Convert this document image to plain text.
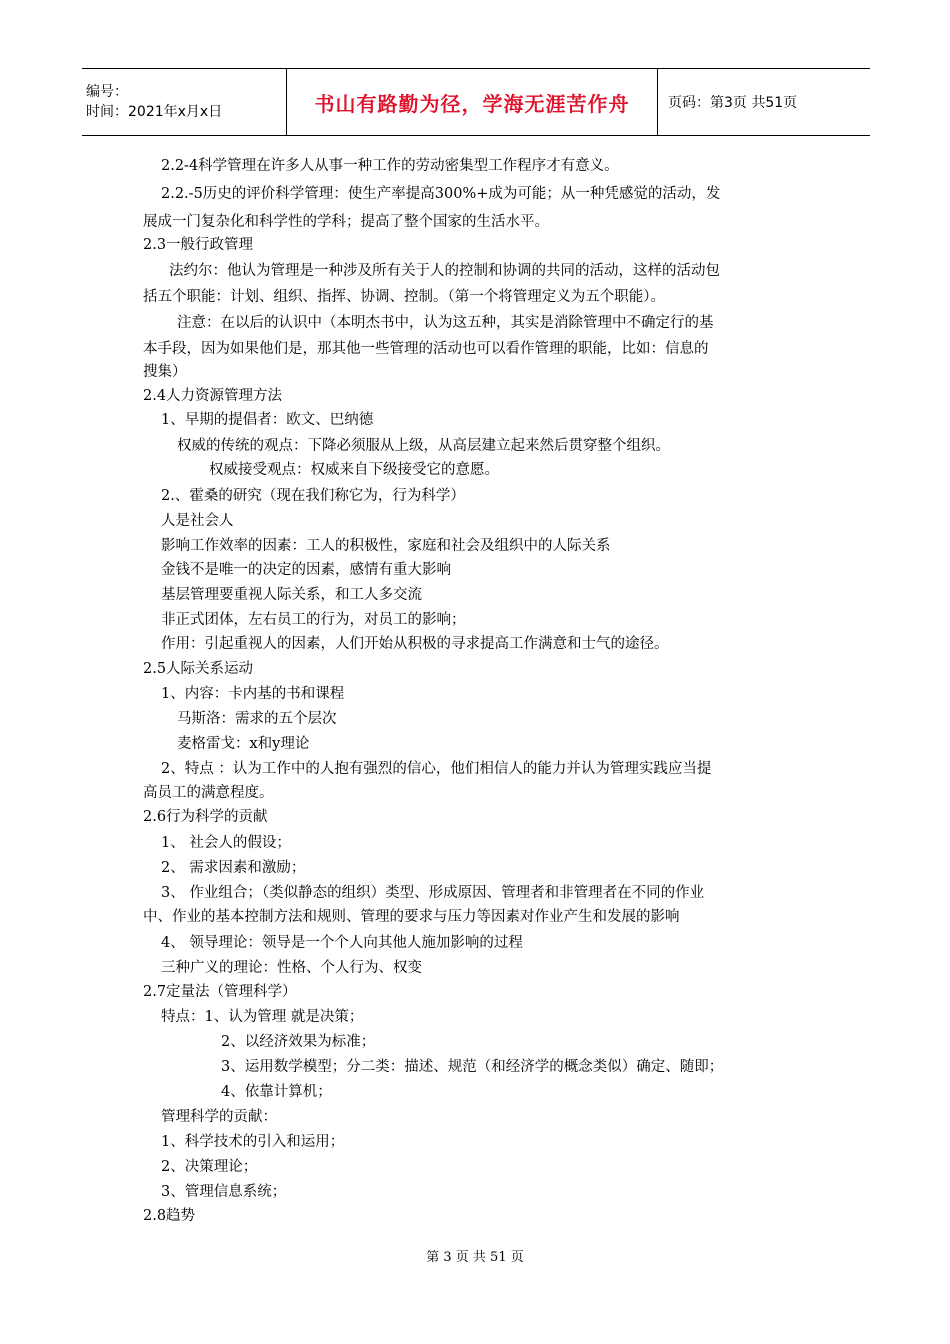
编号：
时间：2021年x月x日	书山有路勤为径，学海无涯苦作舟	页码：第3页 共51页
2.2-4科学管理在许多人从事一种工作的劳动密集型工作程序才有意义。
2.2.-5历史的评价科学管理：使生产率提高300%+成为可能；从一种凭感觉的活动，发
展成一门复杂化和科学性的学科；提高了整个国家的生活水平。
2.3一般行政管理
法约尔：他认为管理是一种涉及所有关于人的控制和协调的共同的活动，这样的活动包
括五个职能：计划、组织、指挥、协调、控制。（第一个将管理定义为五个职能）。
注意：在以后的认识中（本明杰书中，认为这五种，其实是消除管理中不确定行的基
本手段，因为如果他们是，那其他一些管理的活动也可以看作管理的职能，比如：信息的
搜集）
2.4人力资源管理方法
1、早期的提倡者：欧文、巴纳德
权威的传统的观点：下降必须服从上级，从高层建立起来然后贯穿整个组织。
权威接受观点：权威来自下级接受它的意愿。
2.、霍桑的研究（现在我们称它为，行为科学）
人是社会人
影响工作效率的因素：工人的积极性，家庭和社会及组织中的人际关系
金钱不是唯一的决定的因素，感情有重大影响
基层管理要重视人际关系，和工人多交流
非正式团体，左右员工的行为，对员工的影响；
作用：引起重视人的因素，人们开始从积极的寻求提高工作满意和士气的途径。
2.5人际关系运动
1、内容：卡内基的书和课程
马斯洛：需求的五个层次
麦格雷戈：x和y理论
2、特点 ：认为工作中的人抱有强烈的信心，他们相信人的能力并认为管理实践应当提
高员工的满意程度。
2.6行为科学的贡献
1、 社会人的假设；
2、 需求因素和激励；
3、 作业组合；（类似静态的组织）类型、形成原因、管理者和非管理者在不同的作业
中、作业的基本控制方法和规则、管理的要求与压力等因素对作业产生和发展的影响
4、 领导理论：领导是一个个人向其他人施加影响的过程
三种广义的理论：性格、个人行为、权变
2.7定量法（管理科学）
特点：1、认为管理 就是决策；
2、以经济效果为标准；
3、运用数学模型；分二类：描述、规范（和经济学的概念类似）确定、随即；
4、依靠计算机；
管理科学的贡献：
1、科学技术的引入和运用；
2、决策理论；
3、管理信息系统；
2.8趋势
第 3 页 共 51 页
